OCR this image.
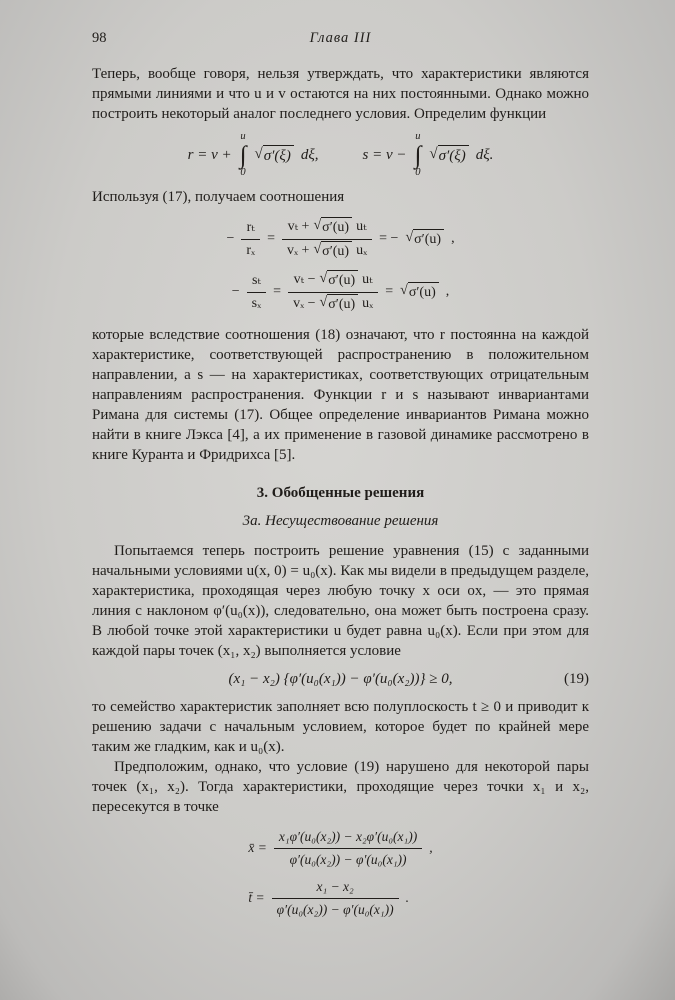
98	Глава III

Теперь, вообще говоря, нельзя утверждать, что характеристики являются прямыми линиями и что u и v остаются на них постоянными. Однако можно построить некоторый аналог последнего условия. Определим функции

r = v +
u
∫
0
√ σ′(ξ) dξ,	s = v −
u
∫
0
√ σ′(ξ) dξ.

Используя (17), получаем соотношения

− $\frac{\text{rₜ}}{\text{rₓ}}$ =
vₜ + √ σ′(u) uₜ
vₓ + √ σ′(u) uₓ
= − √ σ′(u) ,
− $\frac{\text{sₜ}}{\text{sₓ}}$ =
vₜ − √ σ′(u) uₜ
vₓ − √ σ′(u) uₓ
= √ σ′(u) ,

которые вследствие соотношения (18) означают, что r постоянна на каждой характеристике, соответствующей распространению в положительном направлении, а s — на характеристиках, соответствующих отрицательным направлениям распространения. Функции r и s называют инвариантами Римана для системы (17). Общее определение инвариантов Римана можно найти в книге Лэкса [4], а их применение в газовой динамике рассмотрено в книге Куранта и Фридрихса [5].

3. Обобщенные решения
3а. Несуществование решения

Попытаемся теперь построить решение уравнения (15) с заданными начальными условиями u(x, 0) = u₀(x). Как мы видели в предыдущем разделе, характеристика, проходящая через любую точку x оси ox, — это прямая линия с наклоном φ′(u₀(x)), следовательно, она может быть построена сразу. В любой точке этой характеристики u будет равна u₀(x). Если при этом для каждой пары точек (x₁, x₂) выполняется условие

(x₁ − x₂) {φ′(u₀(x₁)) − φ′(u₀(x₂))} ≥ 0,	(19)

то семейство характеристик заполняет всю полуплоскость t ≥ 0 и приводит к решению задачи с начальным условием, которое будет по крайней мере таким же гладким, как и u₀(x).

Предположим, однако, что условие (19) нарушено для некоторой пары точек (x₁, x₂). Тогда характеристики, проходящие через точки x₁ и x₂, пересекутся в точке

x̄ = $\frac{\text{x₁φ′(u₀(x₂)) − x₂φ′(u₀(x₁))}}{\text{φ′(u₀(x₂)) − φ′(u₀(x₁))}}$ ,
t̄ = $\frac{\text{x₁ − x₂}}{\text{φ′(u₀(x₂)) − φ′(u₀(x₁))}}$ .
